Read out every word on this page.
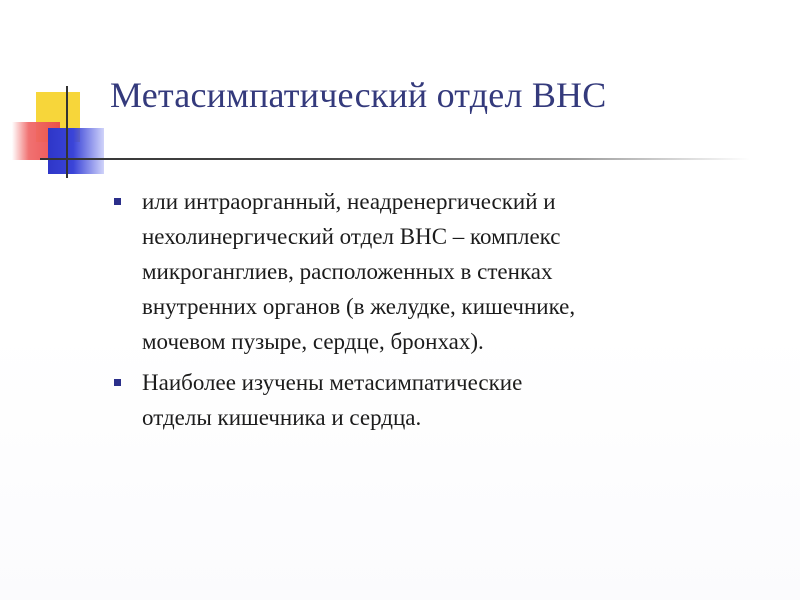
Метасимпатический отдел ВНС
или интраорганный, неадренергический и
нехолинергический отдел ВНС – комплекс
микроганглиев, расположенных в стенках
внутренних органов (в желудке, кишечнике,
мочевом пузыре, сердце, бронхах).
Наиболее изучены метасимпатические
отделы кишечника и сердца.
